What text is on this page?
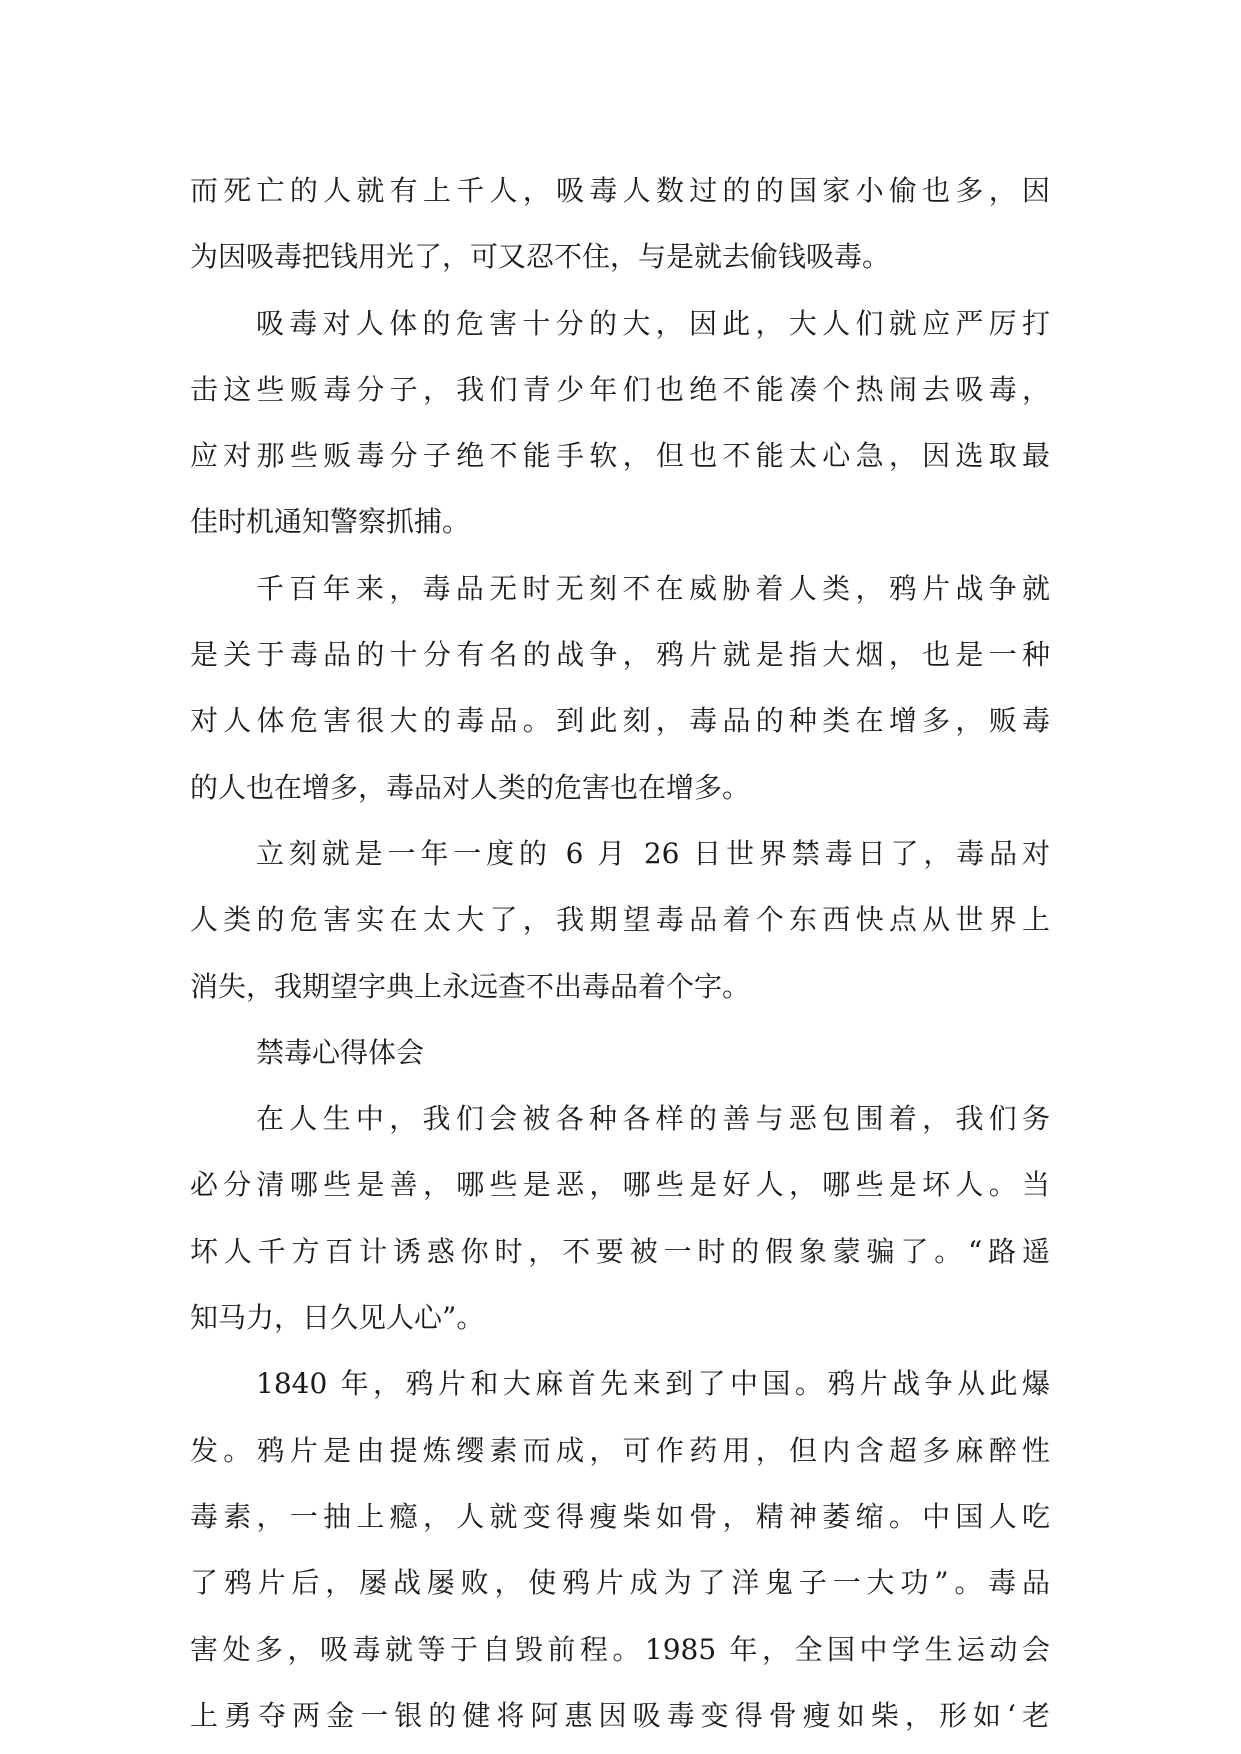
而死亡的人就有上千人，吸毒人数过的的国家小偷也多，因
为因吸毒把钱用光了，可又忍不住，与是就去偷钱吸毒。
吸毒对人体的危害十分的大，因此，大人们就应严厉打
击这些贩毒分子，我们青少年们也绝不能凑个热闹去吸毒，
应对那些贩毒分子绝不能手软，但也不能太心急，因选取最
佳时机通知警察抓捕。
千百年来，毒品无时无刻不在威胁着人类，鸦片战争就
是关于毒品的十分有名的战争，鸦片就是指大烟，也是一种
对人体危害很大的毒品。到此刻，毒品的种类在增多，贩毒
的人也在增多，毒品对人类的危害也在增多。
立刻就是一年一度的 6 月 26 日世界禁毒日了，毒品对
人类的危害实在太大了，我期望毒品着个东西快点从世界上
消失，我期望字典上永远查不出毒品着个字。
禁毒心得体会
在人生中，我们会被各种各样的善与恶包围着，我们务
必分清哪些是善，哪些是恶，哪些是好人，哪些是坏人。当
坏人千方百计诱惑你时，不要被一时的假象蒙骗了。“路遥
知马力，日久见人心”。
1840 年，鸦片和大麻首先来到了中国。鸦片战争从此爆
发。鸦片是由提炼缨素而成，可作药用，但内含超多麻醉性
毒素，一抽上瘾，人就变得瘦柴如骨，精神萎缩。中国人吃
了鸦片后，屡战屡败，使鸦片成为了洋鬼子一大功”。毒品
害处多，吸毒就等于自毁前程。1985 年，全国中学生运动会
上勇夺两金一银的健将阿惠因吸毒变得骨瘦如柴，形如‘老
